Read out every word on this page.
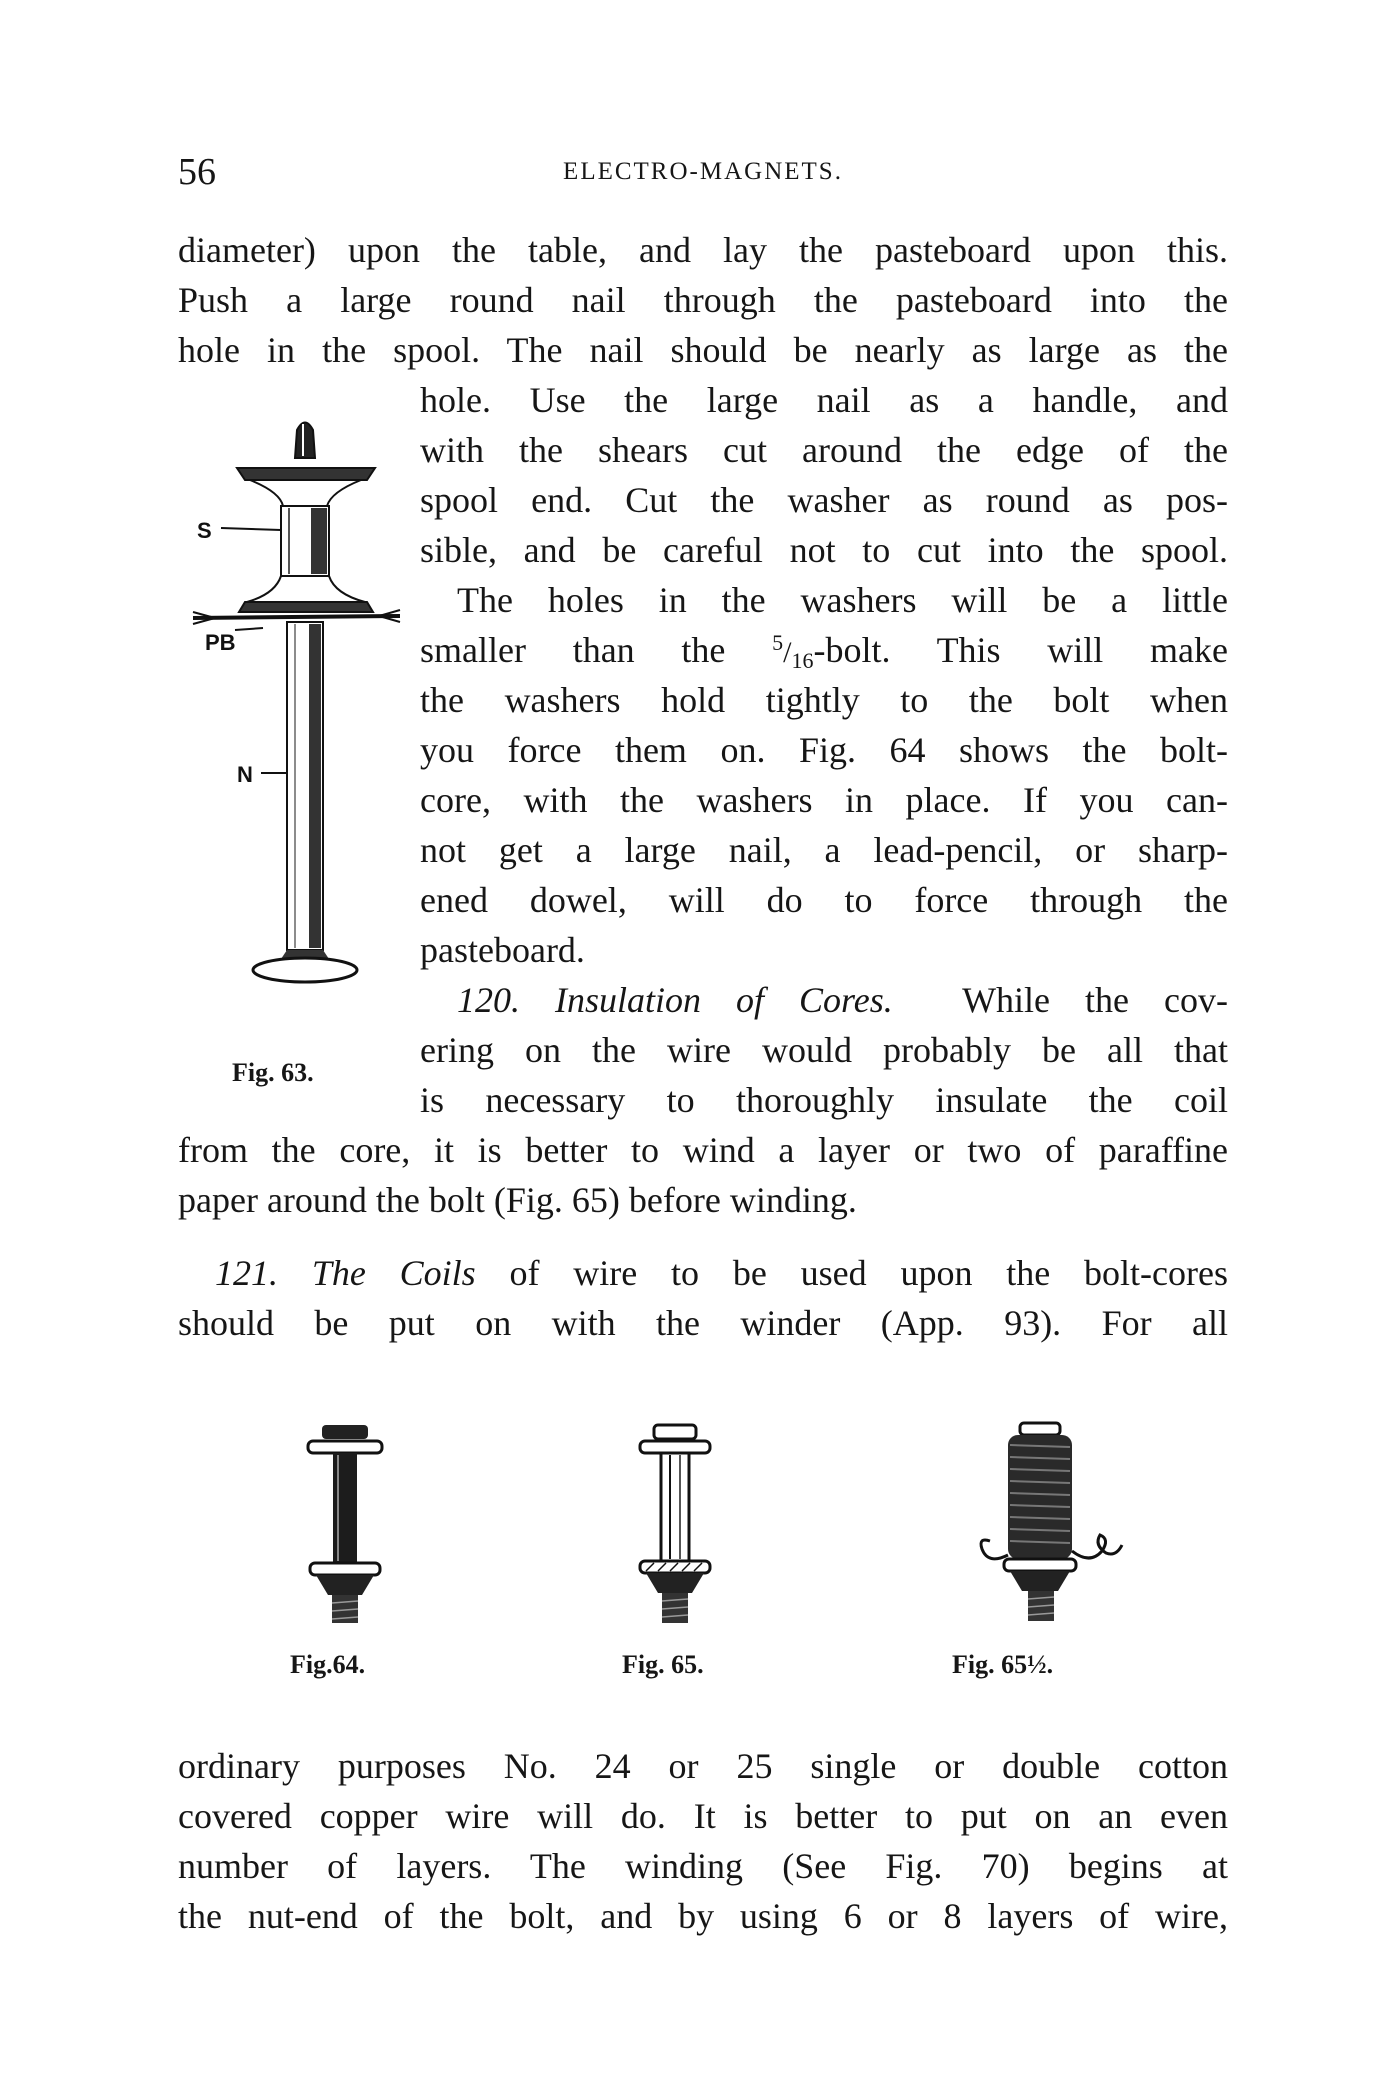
56	ELECTRO-MAGNETS.
diameter) upon the table, and lay the pasteboard upon this.
Push a large round nail through the pasteboard into the
hole in the spool. The nail should be nearly as large as the
hole. Use the large nail as a handle, and
with the shears cut around the edge of the
spool end. Cut the washer as round as pos-
sible, and be careful not to cut into the spool.
The holes in the washers will be a little
smaller than the 5/16-bolt. This will make
the washers hold tightly to the bolt when
you force them on. Fig. 64 shows the bolt-
core, with the washers in place. If you can-
not get a large nail, a lead-pencil, or sharp-
ened dowel, will do to force through the
pasteboard.
120. Insulation of Cores. While the cov-
ering on the wire would probably be all that
is necessary to thoroughly insulate the coil
from the core, it is better to wind a layer or two of paraffine
paper around the bolt (Fig. 65) before winding.
121. The Coils of wire to be used upon the bolt-cores
should be put on with the winder (App. 93). For all
S
PB
N
Fig. 63.
Fig.64.	Fig. 65.	Fig. 65½.
ordinary purposes No. 24 or 25 single or double cotton
covered copper wire will do. It is better to put on an even
number of layers. The winding (See Fig. 70) begins at
the nut-end of the bolt, and by using 6 or 8 layers of wire,
